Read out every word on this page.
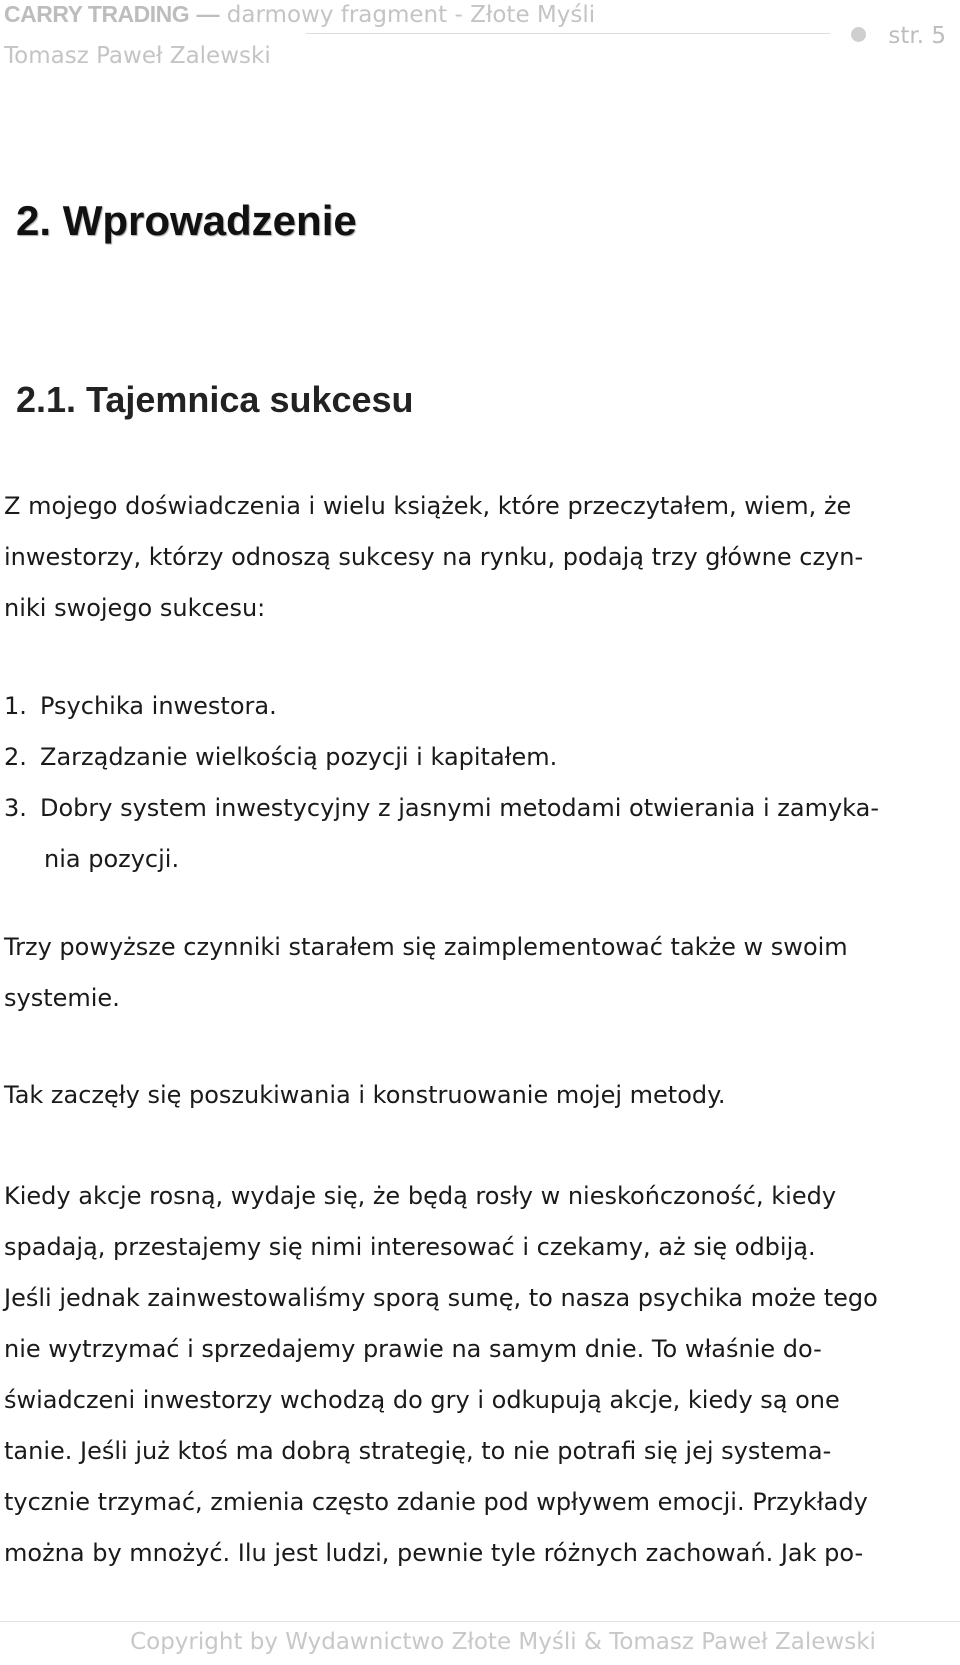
CARRY TRADING — darmowy fragment - Złote Myśli
Tomasz Paweł Zalewski
str. 5
2. Wprowadzenie
2.1. Tajemnica sukcesu

Z mojego doświadczenia i wielu książek, które przeczytałem, wiem, że
inwestorzy, którzy odnoszą sukcesy na rynku, podają trzy główne czyn-
niki swojego sukcesu:

1. Psychika inwestora.
2. Zarządzanie wielkością pozycji i kapitałem.
3. Dobry system inwestycyjny z jasnymi metodami otwierania i zamyka-
nia pozycji.

Trzy powyższe czynniki starałem się zaimplementować także w swoim
systemie.

Tak zaczęły się poszukiwania i konstruowanie mojej metody.

Kiedy akcje rosną, wydaje się, że będą rosły w nieskończoność, kiedy
spadają, przestajemy się nimi interesować i czekamy, aż się odbiją.
Jeśli jednak zainwestowaliśmy sporą sumę, to nasza psychika może tego
nie wytrzymać i sprzedajemy prawie na samym dnie. To właśnie do-
świadczeni inwestorzy wchodzą do gry i odkupują akcje, kiedy są one
tanie. Jeśli już ktoś ma dobrą strategię, to nie potrafi się jej systema-
tycznie trzymać, zmienia często zdanie pod wpływem emocji. Przykłady
można by mnożyć. Ilu jest ludzi, pewnie tyle różnych zachowań. Jak po-

Copyright by Wydawnictwo Złote Myśli & Tomasz Paweł Zalewski
